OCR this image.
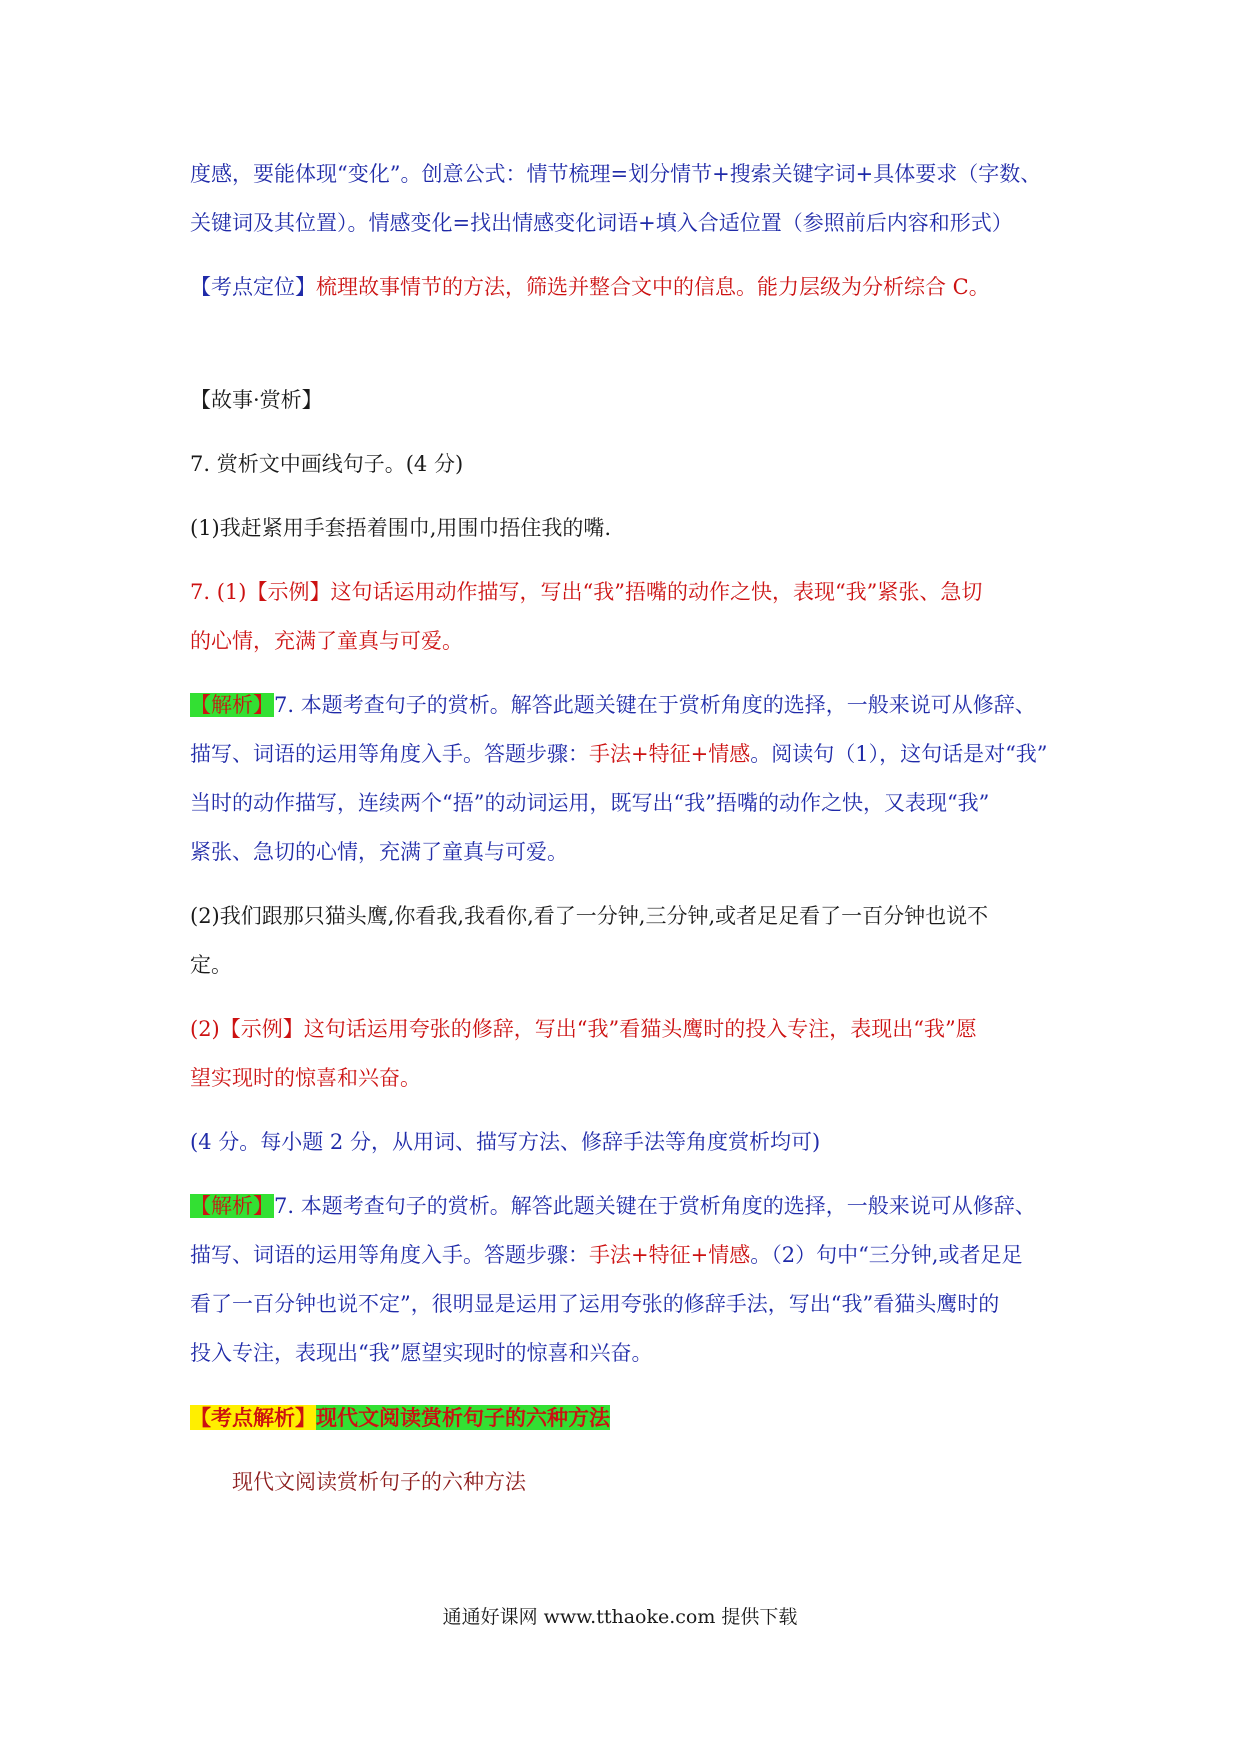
度感，要能体现“变化”。创意公式：情节梳理=划分情节+搜索关键字词+具体要求（字数、

关键词及其位置）。情感变化=找出情感变化词语+填入合适位置（参照前后内容和形式）

【考点定位】梳理故事情节的方法，筛选并整合文中的信息。能力层级为分析综合 C。

【故事·赏析】

7. 赏析文中画线句子。(4 分)

(1)我赶紧用手套捂着围巾,用围巾捂住我的嘴.

7. (1)【示例】这句话运用动作描写，写出“我”捂嘴的动作之快，表现“我”紧张、急切

的心情，充满了童真与可爱。

【解析】7. 本题考查句子的赏析。解答此题关键在于赏析角度的选择，一般来说可从修辞、

描写、词语的运用等角度入手。答题步骤：手法+特征+情感。阅读句（1），这句话是对“我”

当时的动作描写，连续两个“捂”的动词运用，既写出“我”捂嘴的动作之快，又表现“我”

紧张、急切的心情，充满了童真与可爱。

(2)我们跟那只猫头鹰,你看我,我看你,看了一分钟,三分钟,或者足足看了一百分钟也说不

定。

(2)【示例】这句话运用夸张的修辞，写出“我”看猫头鹰时的投入专注，表现出“我”愿

望实现时的惊喜和兴奋。

(4 分。每小题 2 分，从用词、描写方法、修辞手法等角度赏析均可)

【解析】7. 本题考查句子的赏析。解答此题关键在于赏析角度的选择，一般来说可从修辞、

描写、词语的运用等角度入手。答题步骤：手法+特征+情感。（2）句中“三分钟,或者足足

看了一百分钟也说不定”，很明显是运用了运用夸张的修辞手法，写出“我”看猫头鹰时的

投入专注，表现出“我”愿望实现时的惊喜和兴奋。

【考点解析】现代文阅读赏析句子的六种方法

现代文阅读赏析句子的六种方法

通通好课网 www.tthaoke.com 提供下载
